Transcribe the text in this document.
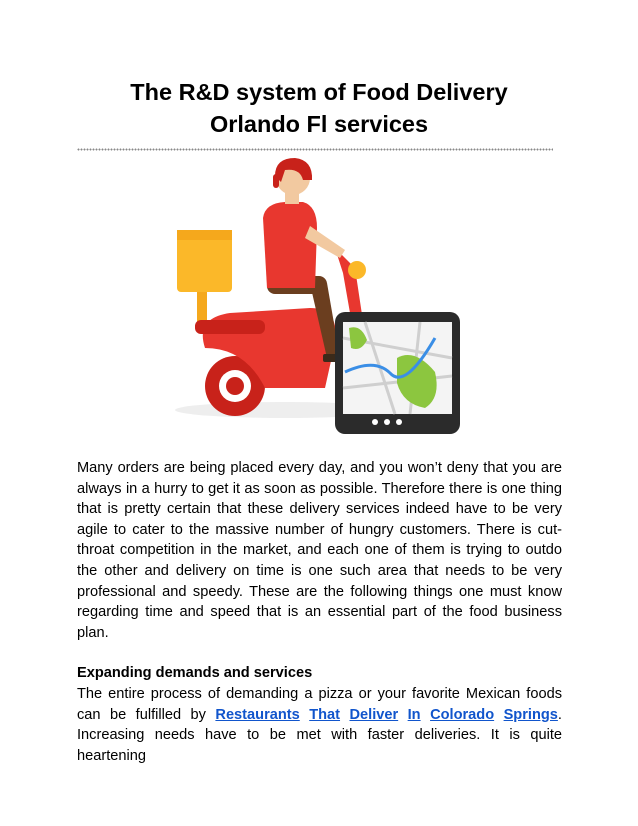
The R&D system of Food Delivery
Orlando Fl services

Many orders are being placed every day, and you won’t deny that you are always in a hurry to get it as soon as possible. Therefore there is one thing that is pretty certain that these delivery services indeed have to be very agile to cater to the massive number of hungry customers. There is cut-throat competition in the market, and each one of them is trying to outdo the other and delivery on time is one such area that needs to be very professional and speedy. These are the following things one must know regarding time and speed that is an essential part of the food business plan.

Expanding demands and services

The entire process of demanding a pizza or your favorite Mexican foods can be fulfilled by Restaurants That Deliver In Colorado Springs. Increasing needs have to be met with faster deliveries. It is quite heartening
